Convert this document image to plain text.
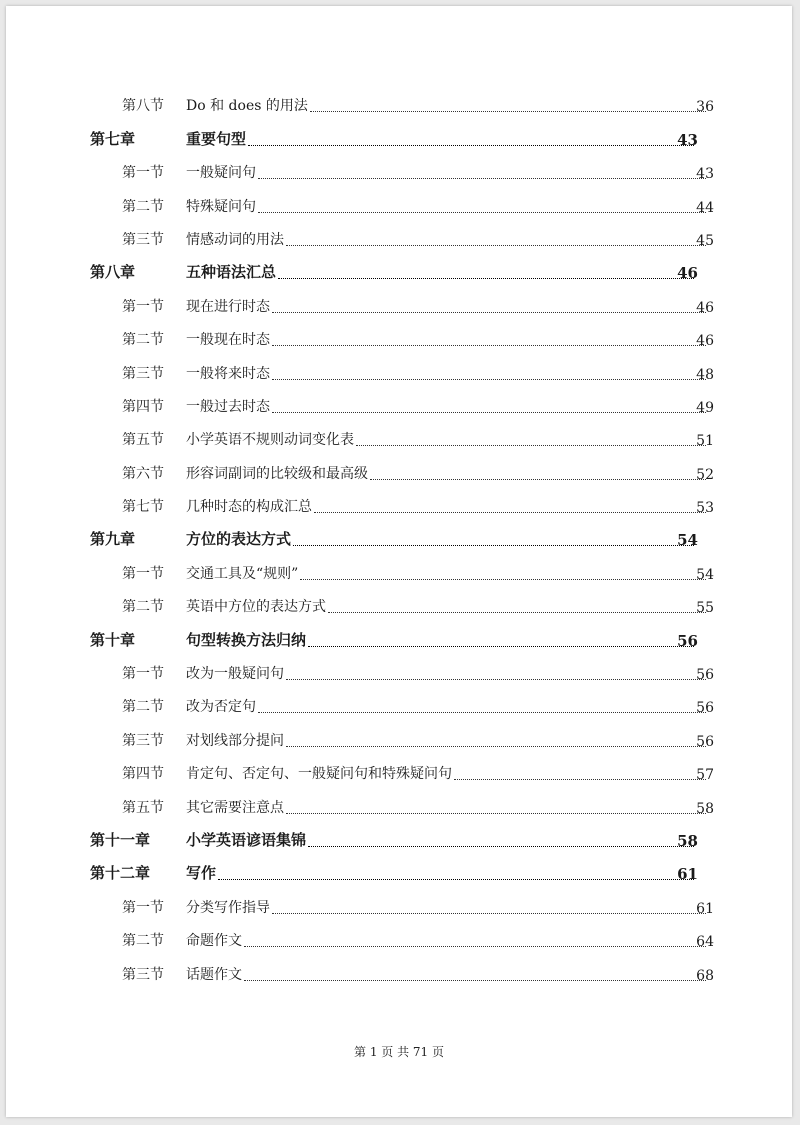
第八节 Do 和 does 的用法	36
第七章	重要句型	43
第一节 一般疑问句	43
第二节 特殊疑问句	44
第三节 情感动词的用法	45
第八章	五种语法汇总	46
第一节 现在进行时态	46
第二节 一般现在时态	46
第三节 一般将来时态	48
第四节 一般过去时态	49
第五节 小学英语不规则动词变化表	51
第六节 形容词副词的比较级和最高级	52
第七节 几种时态的构成汇总	53
第九章	方位的表达方式	54
第一节 交通工具及“规则”	54
第二节 英语中方位的表达方式	55
第十章	句型转换方法归纳	56
第一节 改为一般疑问句	56
第二节 改为否定句	56
第三节 对划线部分提问	56
第四节 肯定句、否定句、一般疑问句和特殊疑问句	57
第五节 其它需要注意点	58
第十一章 小学英语谚语集锦	58
第十二章 写作	61
第一节 分类写作指导	61
第二节 命题作文	64
第三节 话题作文	68
第 1 页 共 71 页
